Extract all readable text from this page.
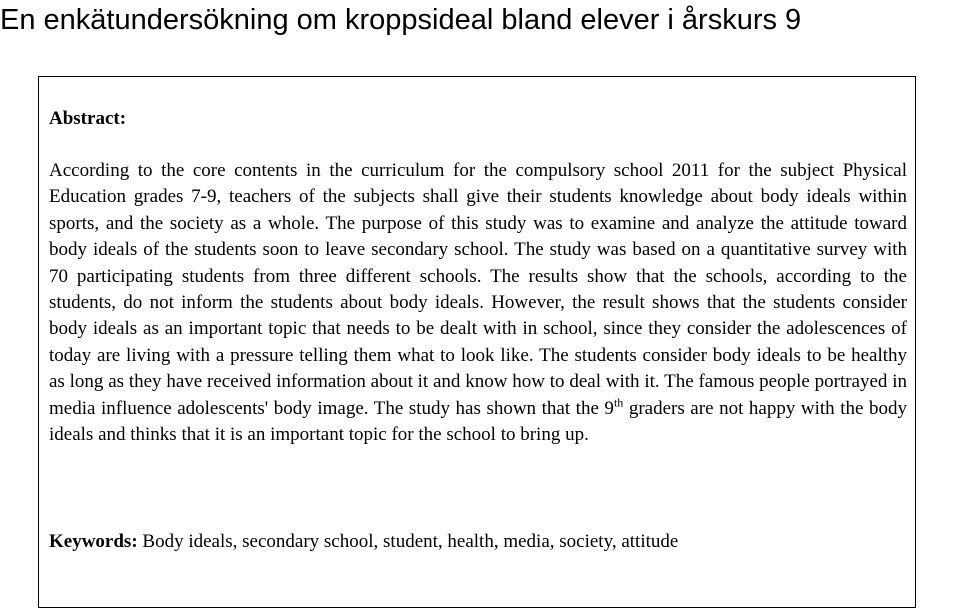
En enkätundersökning om kroppsideal bland elever i årskurs 9

Abstract:

According to the core contents in the curriculum for the compulsory school 2011 for the subject Physical Education grades 7-9, teachers of the subjects shall give their students knowledge about body ideals within sports, and the society as a whole. The purpose of this study was to examine and analyze the attitude toward body ideals of the students soon to leave secondary school. The study was based on a quantitative survey with 70 participating students from three different schools. The results show that the schools, according to the students, do not inform the students about body ideals. However, the result shows that the students consider body ideals as an important topic that needs to be dealt with in school, since they consider the adolescences of today are living with a pressure telling them what to look like. The students consider body ideals to be healthy as long as they have received information about it and know how to deal with it. The famous people portrayed in media influence adolescents' body image. The study has shown that the 9th graders are not happy with the body ideals and thinks that it is an important topic for the school to bring up.

Keywords: Body ideals, secondary school, student, health, media, society, attitude
